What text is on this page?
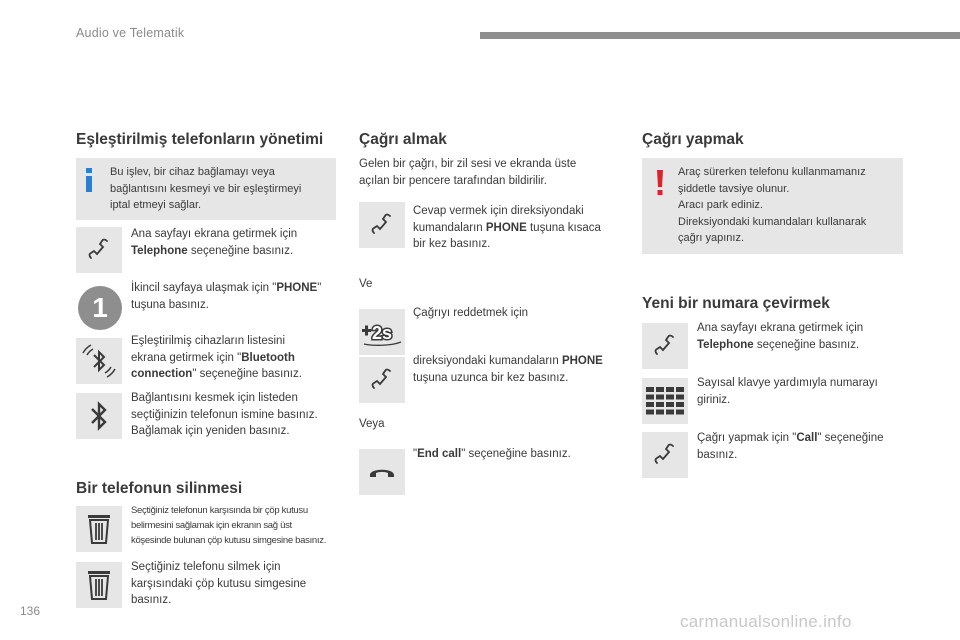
Audio ve Telematik
1
Eşleştirilmiş telefonların yönetimi
Bu işlev, bir cihaz bağlamayı veya
bağlantısını kesmeyi ve bir eşleştirmeyi
iptal etmeyi sağlar.
Ana sayfayı ekrana getirmek için
Telephone seçeneğine basınız.
İkincil sayfaya ulaşmak için "PHONE"
tuşuna basınız.
Eşleştirilmiş cihazların listesini
ekrana getirmek için "Bluetooth
connection" seçeneğine basınız.
Bağlantısını kesmek için listeden
seçtiğinizin telefonun ismine basınız.
Bağlamak için yeniden basınız.
Bir telefonun silinmesi
Seçtiğiniz telefonun karşısında bir çöp kutusu
belirmesini sağlamak için ekranın sağ üst
köşesinde bulunan çöp kutusu simgesine basınız.
Seçtiğiniz telefonu silmek için
karşısındaki çöp kutusu simgesine
basınız.
Çağrı almak
Gelen bir çağrı, bir zil sesi ve ekranda üste
açılan bir pencere tarafından bildirilir.
Cevap vermek için direksiyondaki
kumandaların PHONE tuşuna kısaca
bir kez basınız.
Ve
Çağrıyı reddetmek için
2s
direksiyondaki kumandaların PHONE
tuşuna uzunca bir kez basınız.
Veya
"End call" seçeneğine basınız.
Çağrı yapmak
Araç sürerken telefonu kullanmamanız
şiddetle tavsiye olunur.
Aracı park ediniz.
Direksiyondaki kumandaları kullanarak
çağrı yapınız.
Yeni bir numara çevirmek
Ana sayfayı ekrana getirmek için
Telephone seçeneğine basınız.
Sayısal klavye yardımıyla numarayı
giriniz.
Çağrı yapmak için "Call" seçeneğine
basınız.
136
carmanualsonline.info
